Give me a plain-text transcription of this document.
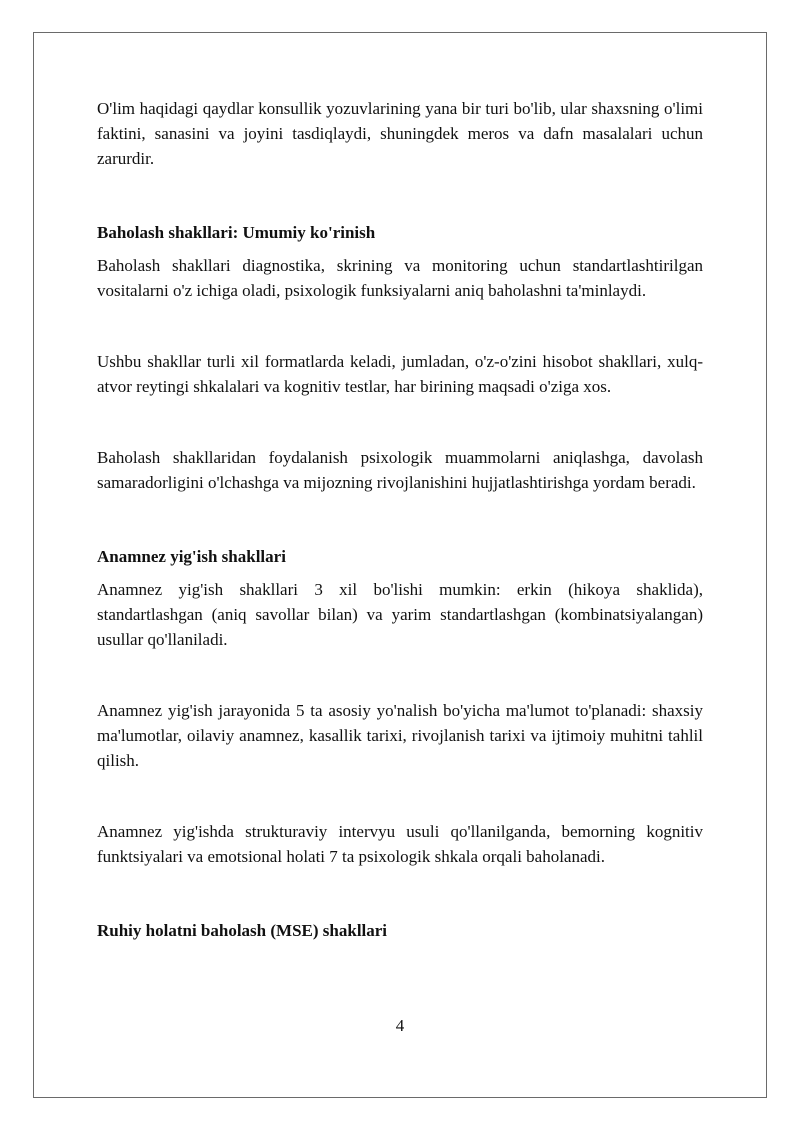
O'lim haqidagi qaydlar konsullik yozuvlarining yana bir turi bo'lib, ular shaxsning o'limi faktini, sanasini va joyini tasdiqlaydi, shuningdek meros va dafn masalalari uchun zarurdir.

Baholash shakllari: Umumiy ko'rinish

Baholash shakllari diagnostika, skrining va monitoring uchun standartlashtirilgan vositalarni o'z ichiga oladi, psixologik funksiyalarni aniq baholashni ta'minlaydi.

Ushbu shakllar turli xil formatlarda keladi, jumladan, o'z-o'zini hisobot shakllari, xulq-atvor reytingi shkalalari va kognitiv testlar, har birining maqsadi o'ziga xos.

Baholash shakllaridan foydalanish psixologik muammolarni aniqlashga, davolash samaradorligini o'lchashga va mijozning rivojlanishini hujjatlashtirishga yordam beradi.

Anamnez yig'ish shakllari

Anamnez yig'ish shakllari 3 xil bo'lishi mumkin: erkin (hikoya shaklida), standartlashgan (aniq savollar bilan) va yarim standartlashgan (kombinatsiyalangan) usullar qo'llaniladi.

Anamnez yig'ish jarayonida 5 ta asosiy yo'nalish bo'yicha ma'lumot to'planadi: shaxsiy ma'lumotlar, oilaviy anamnez, kasallik tarixi, rivojlanish tarixi va ijtimoiy muhitni tahlil qilish.

Anamnez yig'ishda strukturaviy intervyu usuli qo'llanilganda, bemorning kognitiv funktsiyalari va emotsional holati 7 ta psixologik shkala orqali baholanadi.

Ruhiy holatni baholash (MSE) shakllari

4
